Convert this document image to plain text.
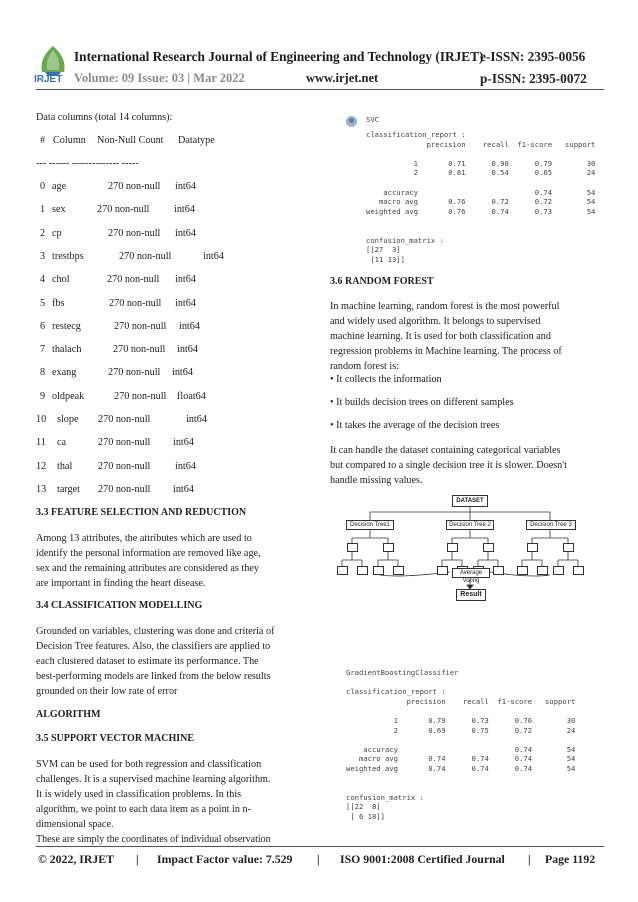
IRJET
International Research Journal of Engineering and Technology (IRJET)
e-ISSN: 2395-0056
Volume: 09 Issue: 03 | Mar 2022	www.irjet.net	p-ISSN: 2395-0072
Data columns (total 14 columns):
# Column Non-Null Count Datatype
--- ------ -------------- -----
0 age	270 non-null int64
1 sex	270 non-null int64
2 cp	270 non-null int64
3 trestbps	270 non-null	int64
4 chol	270 non-null int64
5 fbs	270 non-null int64
6 restecg	270 non-null int64
7 thalach	270 non-null int64
8 exang	270 non-null int64
9 oldpeak	270 non-null float64
10 slope 270 non-null	int64
11 ca	270 non-null int64
12 thal	270 non-null int64
13 target 270 non-null int64
3.3 FEATURE SELECTION AND REDUCTION
Among 13 attributes, the attributes which are used to
identify the personal information are removed like age,
sex and the remaining attributes are considered as they
are important in finding the heart disease.
3.4 CLASSIFICATION MODELLING
Grounded on variables, clustering was done and criteria of
Decision Tree features. Also, the classifiers are applied to
each clustered dataset to estimate its performance. The
best-performing models are linked from the below results
grounded on their low rate of error
ALGORITHM
3.5 SUPPORT VECTOR MACHINE
SVM can be used for both regression and classification
challenges. It is a supervised machine learning algorithm.
It is widely used in classification problems. In this
algorithm, we point to each data item as a point in n-
dimensional space.
These are simply the coordinates of individual observation
SVC
classification_report :
precision    recall  f1-score   support

1       0.71      0.90      0.79        30
2       0.81      0.54      0.65        24

accuracy                           0.74        54
macro avg       0.76      0.72      0.72        54
weighted avg       0.76      0.74      0.73        54

confusion_matrix :
[[27  3]
[11 13]]
3.6 RANDOM FOREST
In machine learning, random forest is the most powerful
and widely used algorithm. It belongs to supervised
machine learning. It is used for both classification and
regression problems in Machine learning. The process of
random forest is:
• It collects the information
• It builds decision trees on different samples
• It takes the average of the decision trees
It can handle the dataset containing categorical variables
but compared to a single decision tree it is slower. Doesn't
handle missing values.
DATASET
Decision Tree1	Decision Tree 2	Decision Tree 3
Average Voting
Result
GradientBoostingClassifier

classification_report :
precision    recall  f1-score   support

1       0.79      0.73      0.76        30
2       0.69      0.75      0.72        24

accuracy                           0.74        54
macro avg       0.74      0.74      0.74        54
weighted avg       0.74      0.74      0.74        54

confusion_matrix :
[[22  8]
[ 6 18]]
© 2022, IRJET | Impact Factor value: 7.529 | ISO 9001:2008 Certified Journal | Page 1192
